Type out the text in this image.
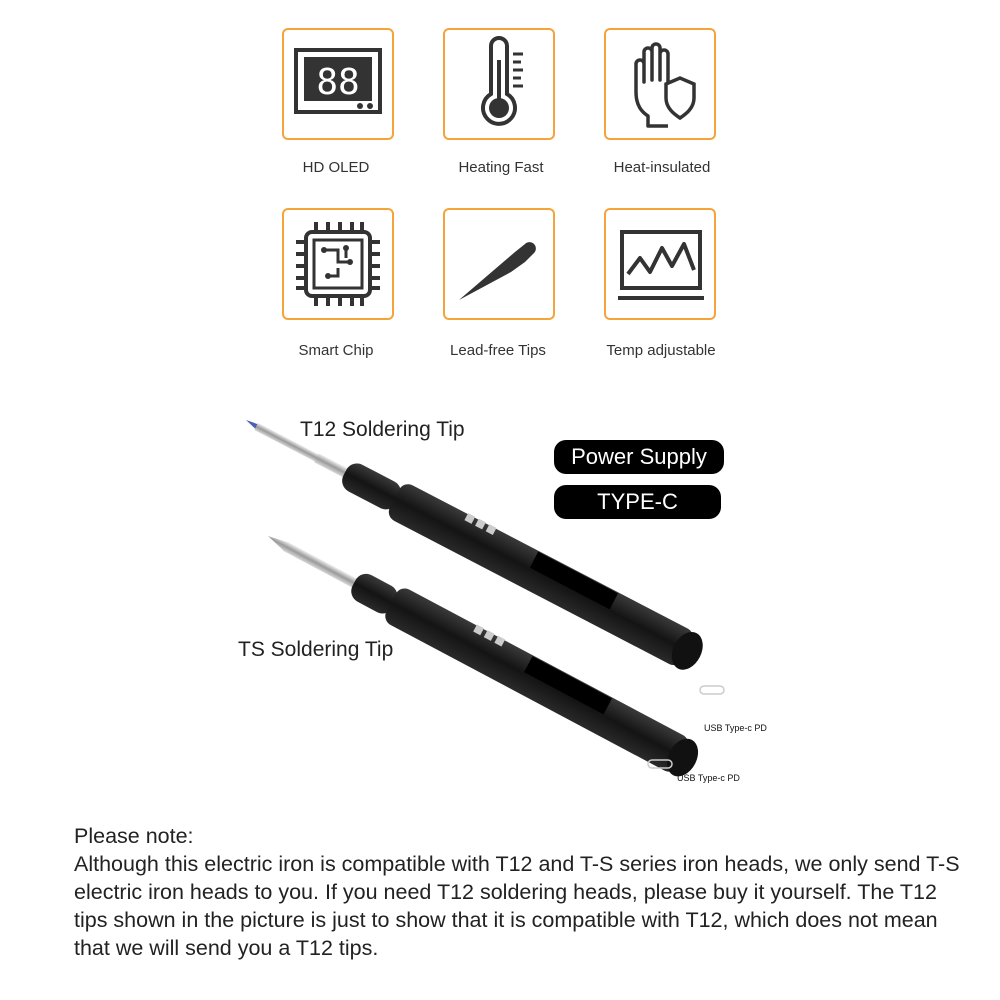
88
HD OLED	Heating Fast	Heat-insulated
Smart Chip	Lead-free Tips	Temp adjustable
T12 Soldering Tip
TS Soldering Tip
Power Supply
TYPE-C
USB Type-c PD
USB Type-c PD

Please note:

Although this electric iron is compatible with T12 and T-S series iron heads, we only send T-S electric iron heads to you. If you need T12 soldering heads, please buy it yourself. The T12 tips shown in the picture is just to show that it is compatible with T12, which does not mean that we will send you a T12 tips.
